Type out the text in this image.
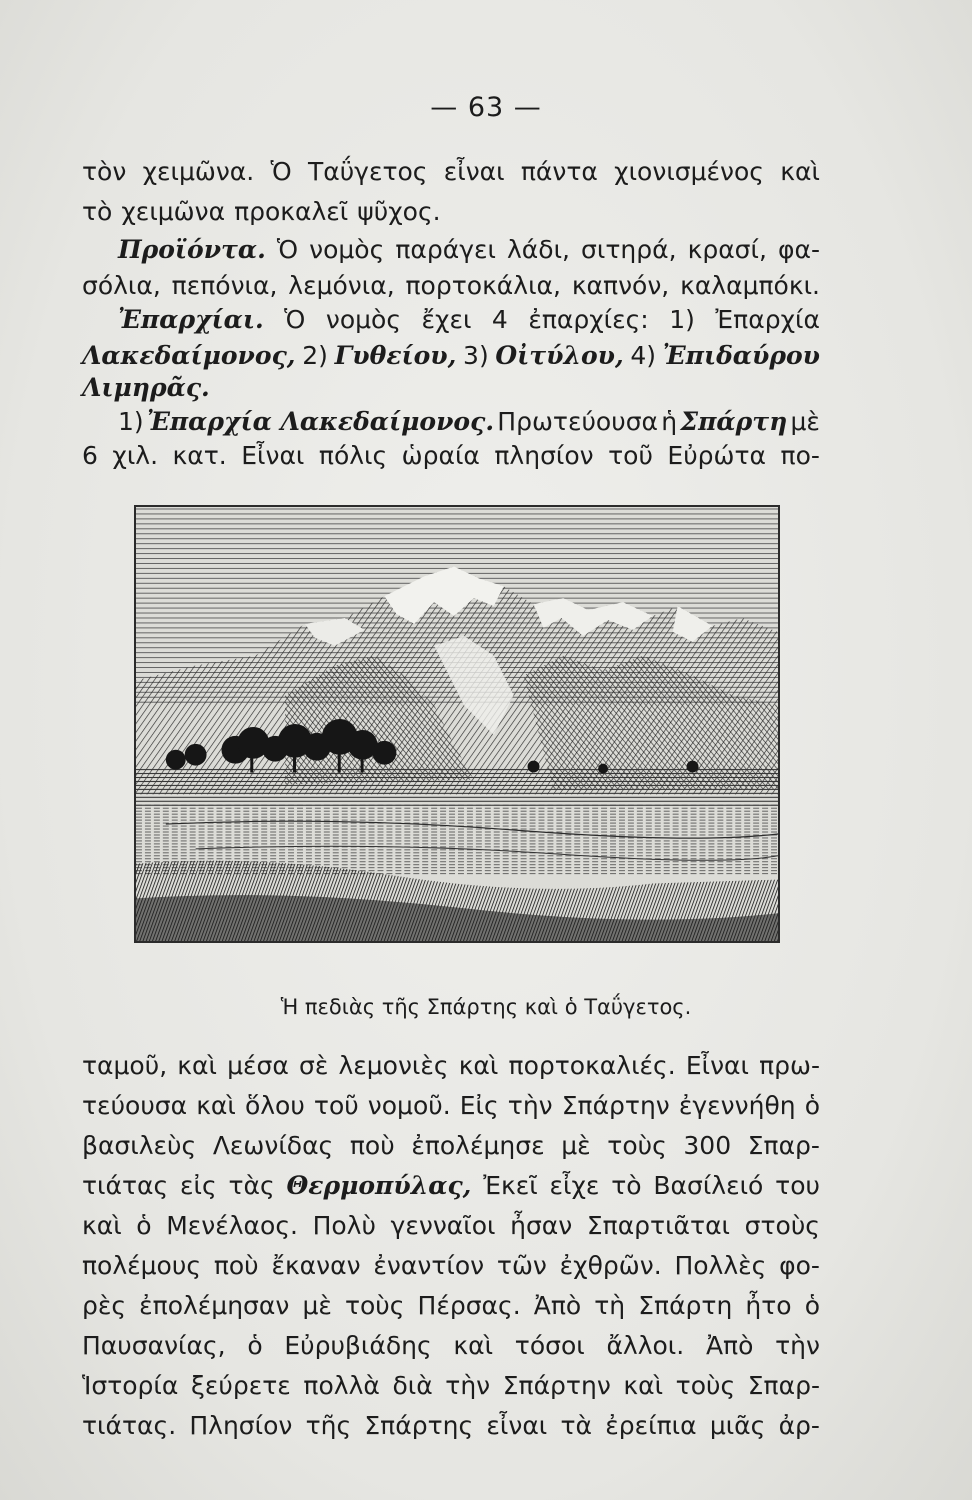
— 63 —
τὸν χειμῶνα. Ὁ Ταΰγετος εἶναι πάντα χιονισμένος καὶ
τὸ χειμῶνα προκαλεῖ ψῦχος.
Προϊόντα. Ὁ νομὸς παράγει λάδι, σιτηρά, κρασί, φα-
σόλια, πεπόνια, λεμόνια, πορτοκάλια, καπνόν, καλαμπόκι.
Ἐπαρχίαι. Ὁ νομὸς ἔχει 4 ἐπαρχίες: 1) Ἐπαρχία
Λακεδαίμονος, 2) Γυθείου, 3) Οἰτύλου, 4) Ἐπιδαύρου
Λιμηρᾶς.
1) Ἐπαρχία Λακεδαίμονος. Πρωτεύουσα ἡ Σπάρτη μὲ
6 χιλ. κατ. Εἶναι πόλις ὡραία πλησίον τοῦ Εὐρώτα πο-
Ἡ πεδιὰς τῆς Σπάρτης καὶ ὁ Ταΰγετος.
ταμοῦ, καὶ μέσα σὲ λεμονιὲς καὶ πορτοκαλιές. Εἶναι πρω-
τεύουσα καὶ ὅλου τοῦ νομοῦ. Εἰς τὴν Σπάρτην ἐγεννήθη ὁ
βασιλεὺς Λεωνίδας ποὺ ἐπολέμησε μὲ τοὺς 300 Σπαρ-
τιάτας εἰς τὰς Θερμοπύλας, Ἐκεῖ εἶχε τὸ Βασίλειό του
καὶ ὁ Μενέλαος. Πολὺ γενναῖοι ἦσαν Σπαρτιᾶται στοὺς
πολέμους ποὺ ἔκαναν ἐναντίον τῶν ἐχθρῶν. Πολλὲς φο-
ρὲς ἐπολέμησαν μὲ τοὺς Πέρσας. Ἀπὸ τὴ Σπάρτη ἦτο ὁ
Παυσανίας, ὁ Εὐρυβιάδης καὶ τόσοι ἄλλοι. Ἀπὸ τὴν
Ἱστορία ξεύρετε πολλὰ διὰ τὴν Σπάρτην καὶ τοὺς Σπαρ-
τιάτας. Πλησίον τῆς Σπάρτης εἶναι τὰ ἐρείπια μιᾶς ἀρ-
